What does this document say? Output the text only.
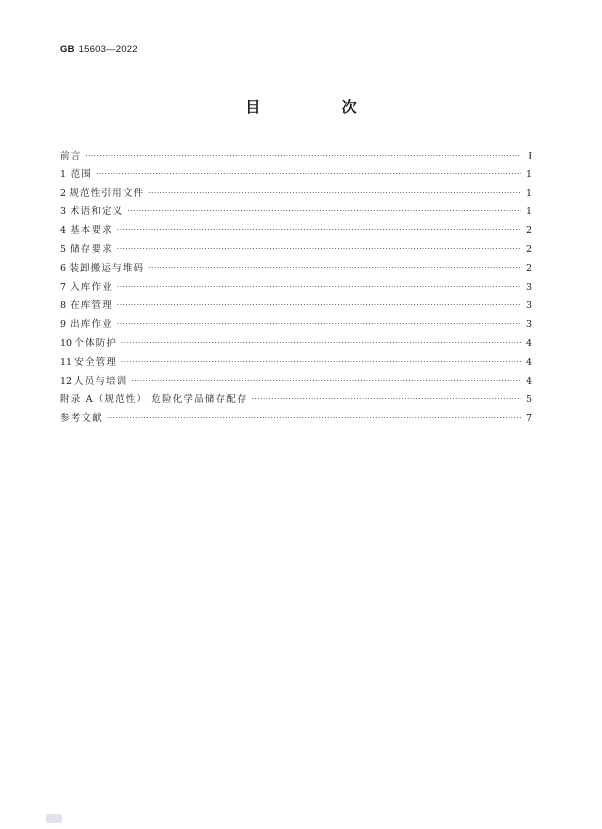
GB 15603—2022
目 次
前言 ·····	I
1 范围 ·····	1
2 规范性引用文件 ·····	1
3 术语和定义 ·····	1
4 基本要求 ·····	2
5 储存要求 ·····	2
6 装卸搬运与堆码 ·····	2
7 入库作业 ·····	3
8 在库管理 ·····	3
9 出库作业 ·····	3
10 个体防护 ·····	4
11 安全管理 ·····	4
12 人员与培训 ·····	4
附录 A（规范性） 危险化学品储存配存 ·····	5
参考文献 ·····	7
